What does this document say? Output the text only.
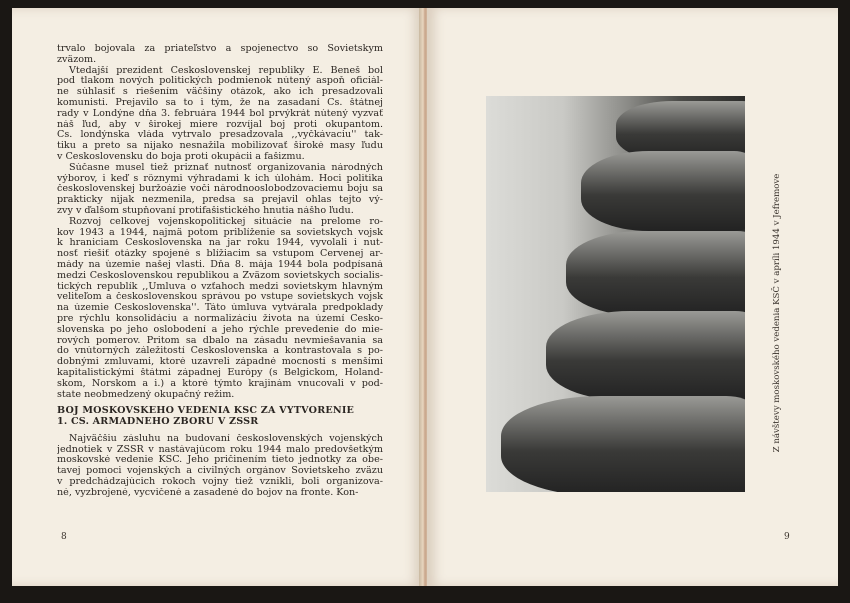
trvalo bojovala za priateľstvo a spojenectvo so Sovietskym
zväzom.
Vtedajší prezident Československej republiky E. Beneš bol
pod tlakom nových politických podmienok nútený aspoň oficiál-
ne súhlasiť s riešením väčšiny otázok, ako ich presadzovali
komunisti. Prejavilo sa to i tým, že na zasadaní Čs. štátnej
rady v Londýne dňa 3. februára 1944 bol prvýkrát nútený vyzvať
náš ľud, aby v širokej miere rozvíjal boj proti okupantom.
Čs. londýnska vláda vytrvalo presadzovala ,,vyčkávaciu'' tak-
tiku a preto sa nijako nesnažila mobilizovať široké masy ľudu
v Československu do boja proti okupácii a fašizmu.
Súčasne musel tiež priznať nutnosť organizovania národných
výborov, i keď s rôznymi výhradami k ich úlohám. Hoci politika
československej buržoázie voči národnooslobodzovaciemu boju sa
prakticky nijak nezmenila, predsa sa prejavil ohlas tejto vý-
zvy v ďalšom stupňovaní protifašistického hnutia nášho ľudu.
Rozvoj celkovej vojenskopolitickej situácie na prelome ro-
kov 1943 a 1944, najmä potom priblíženie sa sovietskych vojsk
k hraniciam Československa na jar roku 1944, vyvolali i nut-
nosť riešiť otázky spojené s blížiacim sa vstupom Červenej ar-
mády na územie našej vlasti. Dňa 8. mája 1944 bola podpísaná
medzi Československou republikou a Zväzom sovietskych socialis-
tických republík ,,Úmluva o vzťahoch medzi sovietskym hlavným
veliteľom a československou správou po vstupe sovietskych vojsk
na územie Československa''. Táto úmluva vytvárala predpoklady
pre rýchlu konsolidáciu a normalizáciu života na území Česko-
slovenska po jeho oslobodení a jeho rýchle prevedenie do mie-
rových pomerov. Pritom sa dbalo na zásadu nevmiešavania sa
do vnútorných záležitostí Československa a kontrastovala s po-
dobnými zmluvami, ktoré uzavreli západné mocnosti s menšími
kapitalistickými štátmi západnej Európy (s Belgickom, Holand-
skom, Norskom a i.) a ktoré týmto krajinám vnucovali v pod-
state neobmedzený okupačný režim.
BOJ MOSKOVSKÉHO VEDENIA KSČ ZA VYTVORENIE
1. ČS. ARMÁDNEHO ZBORU V ZSSR
Najväčšiu zásluhu na budovaní československých vojenských
jednotiek v ZSSR v nastávajúcom roku 1944 malo predovšetkým
moskovské vedenie KSČ. Jeho pričinením tieto jednotky za obe-
tavej pomoci vojenských a civilných orgánov Sovietskeho zväzu
v predchádzajúcich rokoch vojny tiež vznikli, boli organizova-
né, vyzbrojené, vycvičené a zasadené do bojov na fronte. Kon-
8
Z návštevy moskovského vedenia KSČ v apríli 1944 v Jefremove
9
